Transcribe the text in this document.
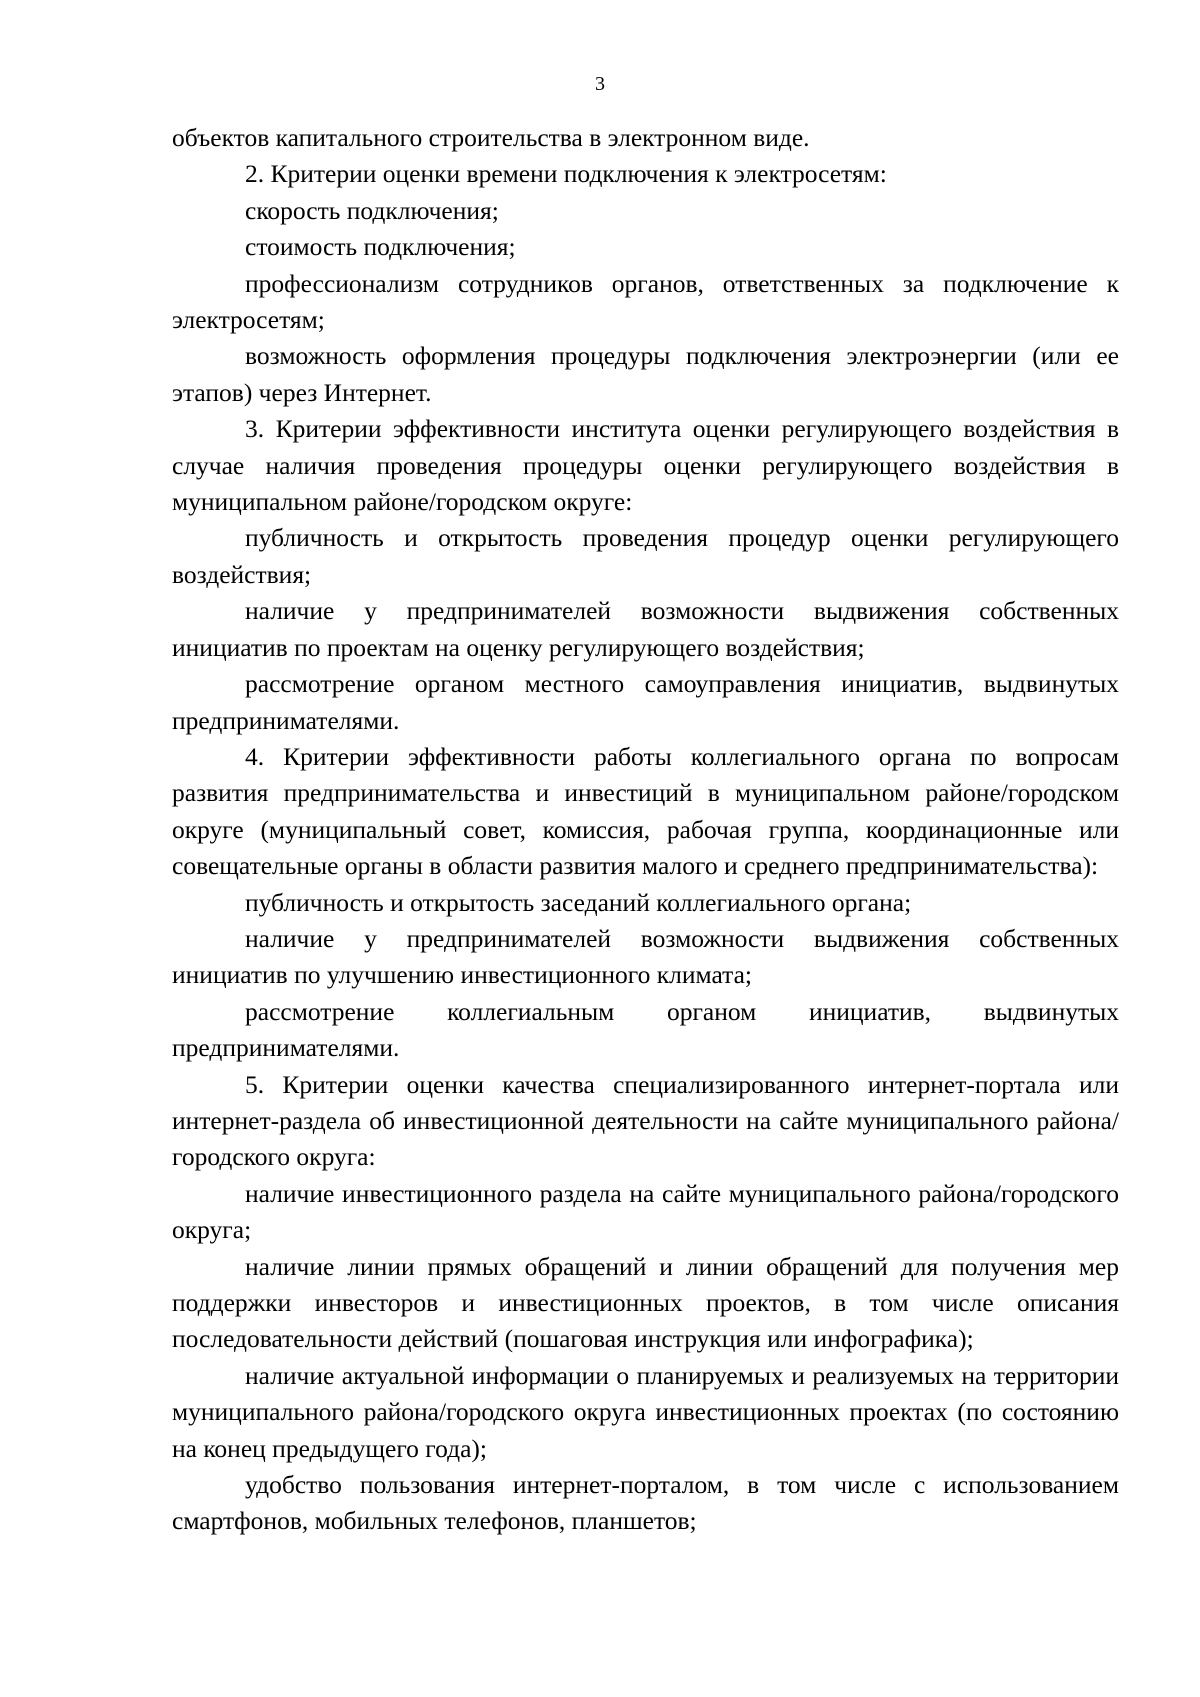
3

объектов капитального строительства в электронном виде.

2. Критерии оценки времени подключения к электросетям:

скорость подключения;

стоимость подключения;

профессионализм сотрудников органов, ответственных за подключение к электросетям;

возможность оформления процедуры подключения электроэнергии (или ее этапов) через Интернет.

3. Критерии эффективности института оценки регулирующего воздействия в случае наличия проведения процедуры оценки регулирующего воздействия в муниципальном районе/городском округе:

публичность и открытость проведения процедур оценки регулирующего воздействия;

наличие у предпринимателей возможности выдвижения собственных инициатив по проектам на оценку регулирующего воздействия;

рассмотрение органом местного самоуправления инициатив, выдвинутых предпринимателями.

4. Критерии эффективности работы коллегиального органа по вопросам развития предпринимательства и инвестиций в муниципальном районе/городском округе (муниципальный совет, комиссия, рабочая группа, координационные или совещательные органы в области развития малого и среднего предпринимательства):

публичность и открытость заседаний коллегиального органа;

наличие у предпринимателей возможности выдвижения собственных инициатив по улучшению инвестиционного климата;

рассмотрение коллегиальным органом инициатив, выдвинутых предпринимателями.

5. Критерии оценки качества специализированного интернет-портала или интернет-раздела об инвестиционной деятельности на сайте муниципального района/городского округа:

наличие инвестиционного раздела на сайте муниципального района/городского округа;

наличие линии прямых обращений и линии обращений для получения мер поддержки инвесторов и инвестиционных проектов, в том числе описания последовательности действий (пошаговая инструкция или инфографика);

наличие актуальной информации о планируемых и реализуемых на территории муниципального района/городского округа инвестиционных проектах (по состоянию на конец предыдущего года);

удобство пользования интернет-порталом, в том числе с использованием смартфонов, мобильных телефонов, планшетов;
